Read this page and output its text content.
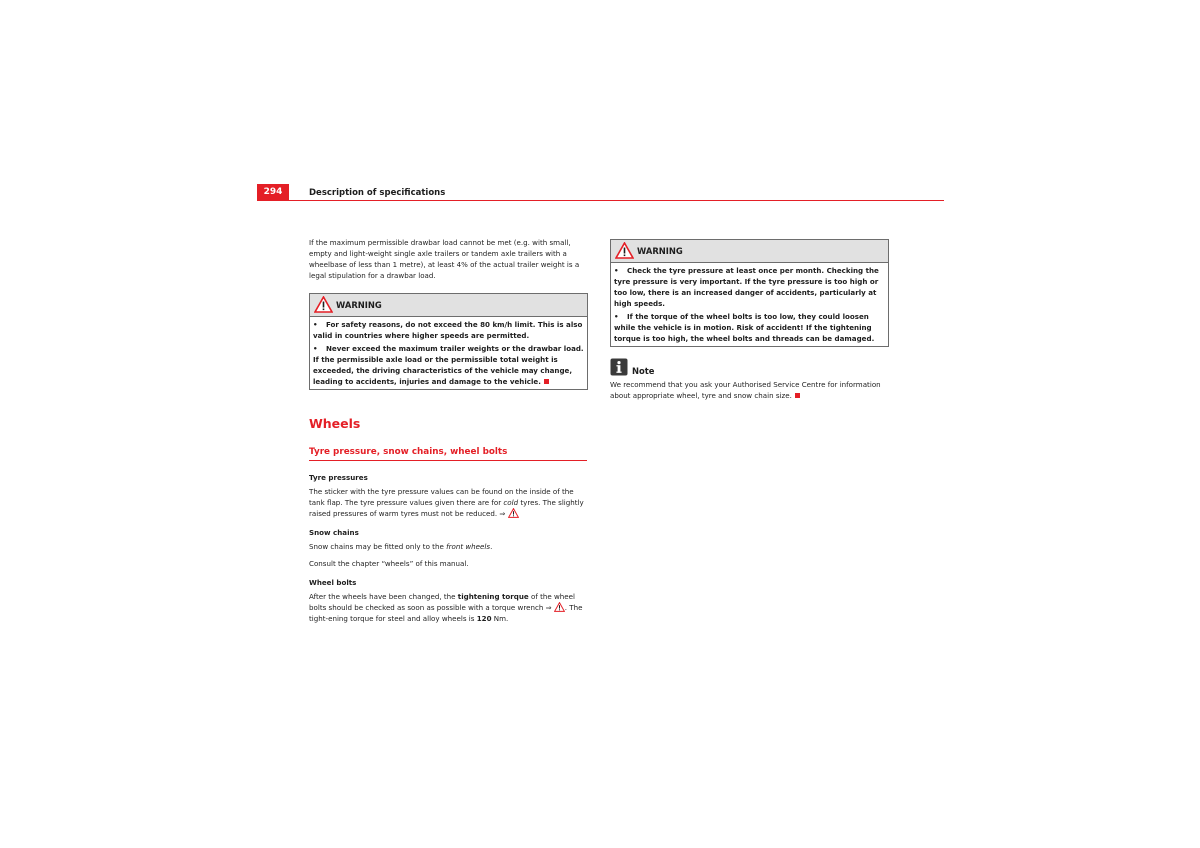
294	Description of specifications

If the maximum permissible drawbar load cannot be met (e.g. with small, empty and light-weight single axle trailers or tandem axle trailers with a wheelbase of less than 1 metre), at least 4% of the actual trailer weight is a legal stipulation for a drawbar load.

WARNING
• For safety reasons, do not exceed the 80 km/h limit. This is also valid in countries where higher speeds are permitted.
• Never exceed the maximum trailer weights or the drawbar load. If the permissible axle load or the permissible total weight is exceeded, the driving characteristics of the vehicle may change, leading to accidents, injuries and damage to the vehicle.
Wheels
Tyre pressure, snow chains, wheel bolts

Tyre pressures

The sticker with the tyre pressure values can be found on the inside of the tank flap. The tyre pressure values given there are for cold tyres. The slightly raised pressures of warm tyres must not be reduced. ⇒

Snow chains

Snow chains may be fitted only to the front wheels.

Consult the chapter “wheels” of this manual.

Wheel bolts

After the wheels have been changed, the tightening torque of the wheel bolts should be checked as soon as possible with a torque wrench ⇒ . The tight-ening torque for steel and alloy wheels is 120 Nm.

WARNING
• Check the tyre pressure at least once per month. Checking the tyre pressure is very important. If the tyre pressure is too high or too low, there is an increased danger of accidents, particularly at high speeds.
• If the torque of the wheel bolts is too low, they could loosen while the vehicle is in motion. Risk of accident! If the tightening torque is too high, the wheel bolts and threads can be damaged.
Note

We recommend that you ask your Authorised Service Centre for information about appropriate wheel, tyre and snow chain size.
